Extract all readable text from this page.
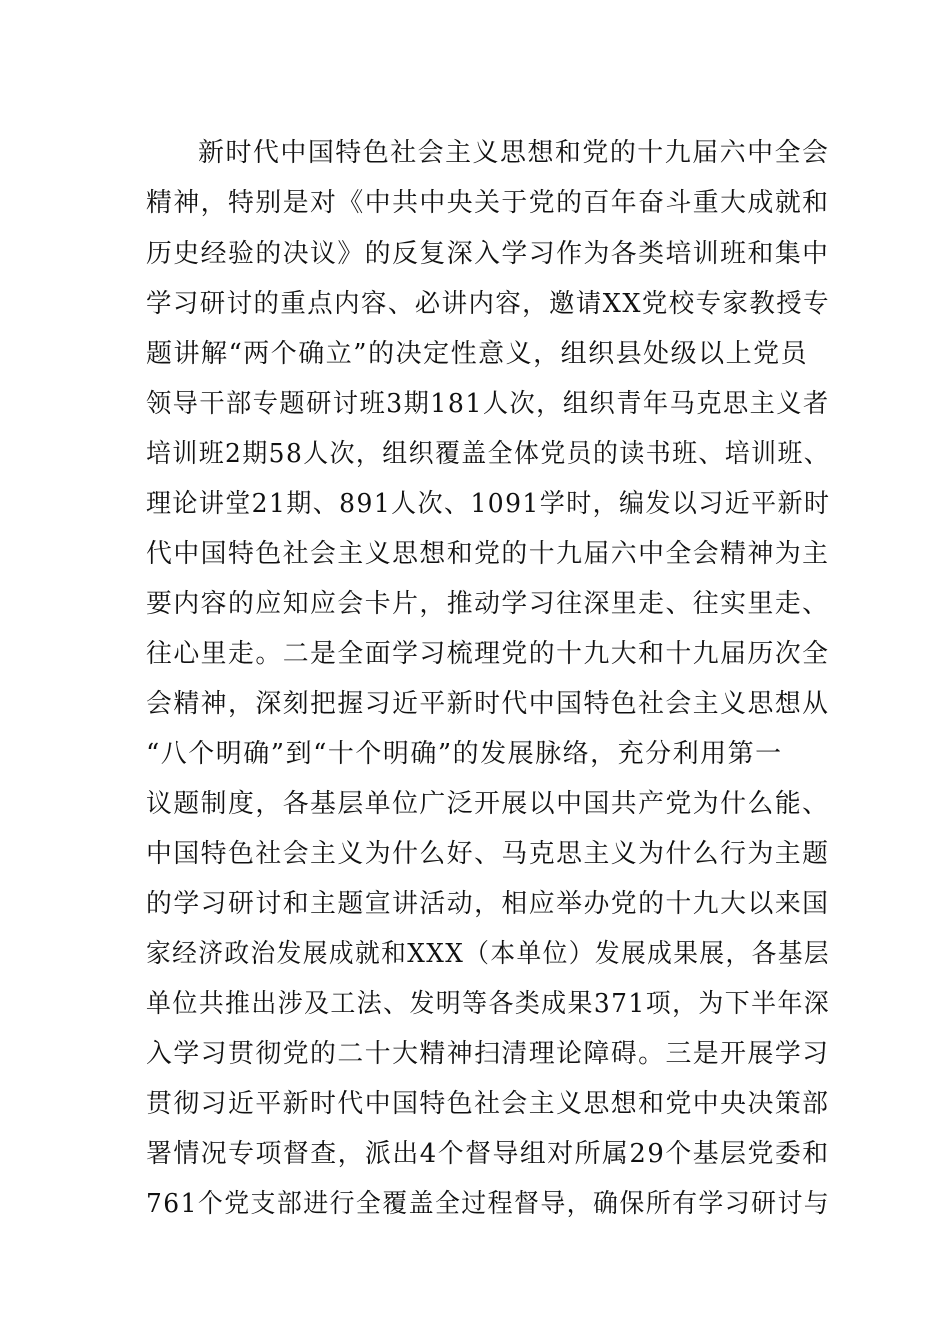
新时代中国特色社会主义思想和党的十九届六中全会
精神，特别是对《中共中央关于党的百年奋斗重大成就和
历史经验的决议》的反复深入学习作为各类培训班和集中
学习研讨的重点内容、必讲内容，邀请XX党校专家教授专
题讲解“两个确立”的决定性意义，组织县处级以上党员
领导干部专题研讨班3期181人次，组织青年马克思主义者
培训班2期58人次，组织覆盖全体党员的读书班、培训班、
理论讲堂21期、891人次、1091学时，编发以习近平新时
代中国特色社会主义思想和党的十九届六中全会精神为主
要内容的应知应会卡片，推动学习往深里走、往实里走、
往心里走。二是全面学习梳理党的十九大和十九届历次全
会精神，深刻把握习近平新时代中国特色社会主义思想从
“八个明确”到“十个明确”的发展脉络，充分利用第一
议题制度，各基层单位广泛开展以中国共产党为什么能、
中国特色社会主义为什么好、马克思主义为什么行为主题
的学习研讨和主题宣讲活动，相应举办党的十九大以来国
家经济政治发展成就和XXX（本单位）发展成果展，各基层
单位共推出涉及工法、发明等各类成果371项，为下半年深
入学习贯彻党的二十大精神扫清理论障碍。三是开展学习
贯彻习近平新时代中国特色社会主义思想和党中央决策部
署情况专项督查，派出4个督导组对所属29个基层党委和
761个党支部进行全覆盖全过程督导，确保所有学习研讨与
